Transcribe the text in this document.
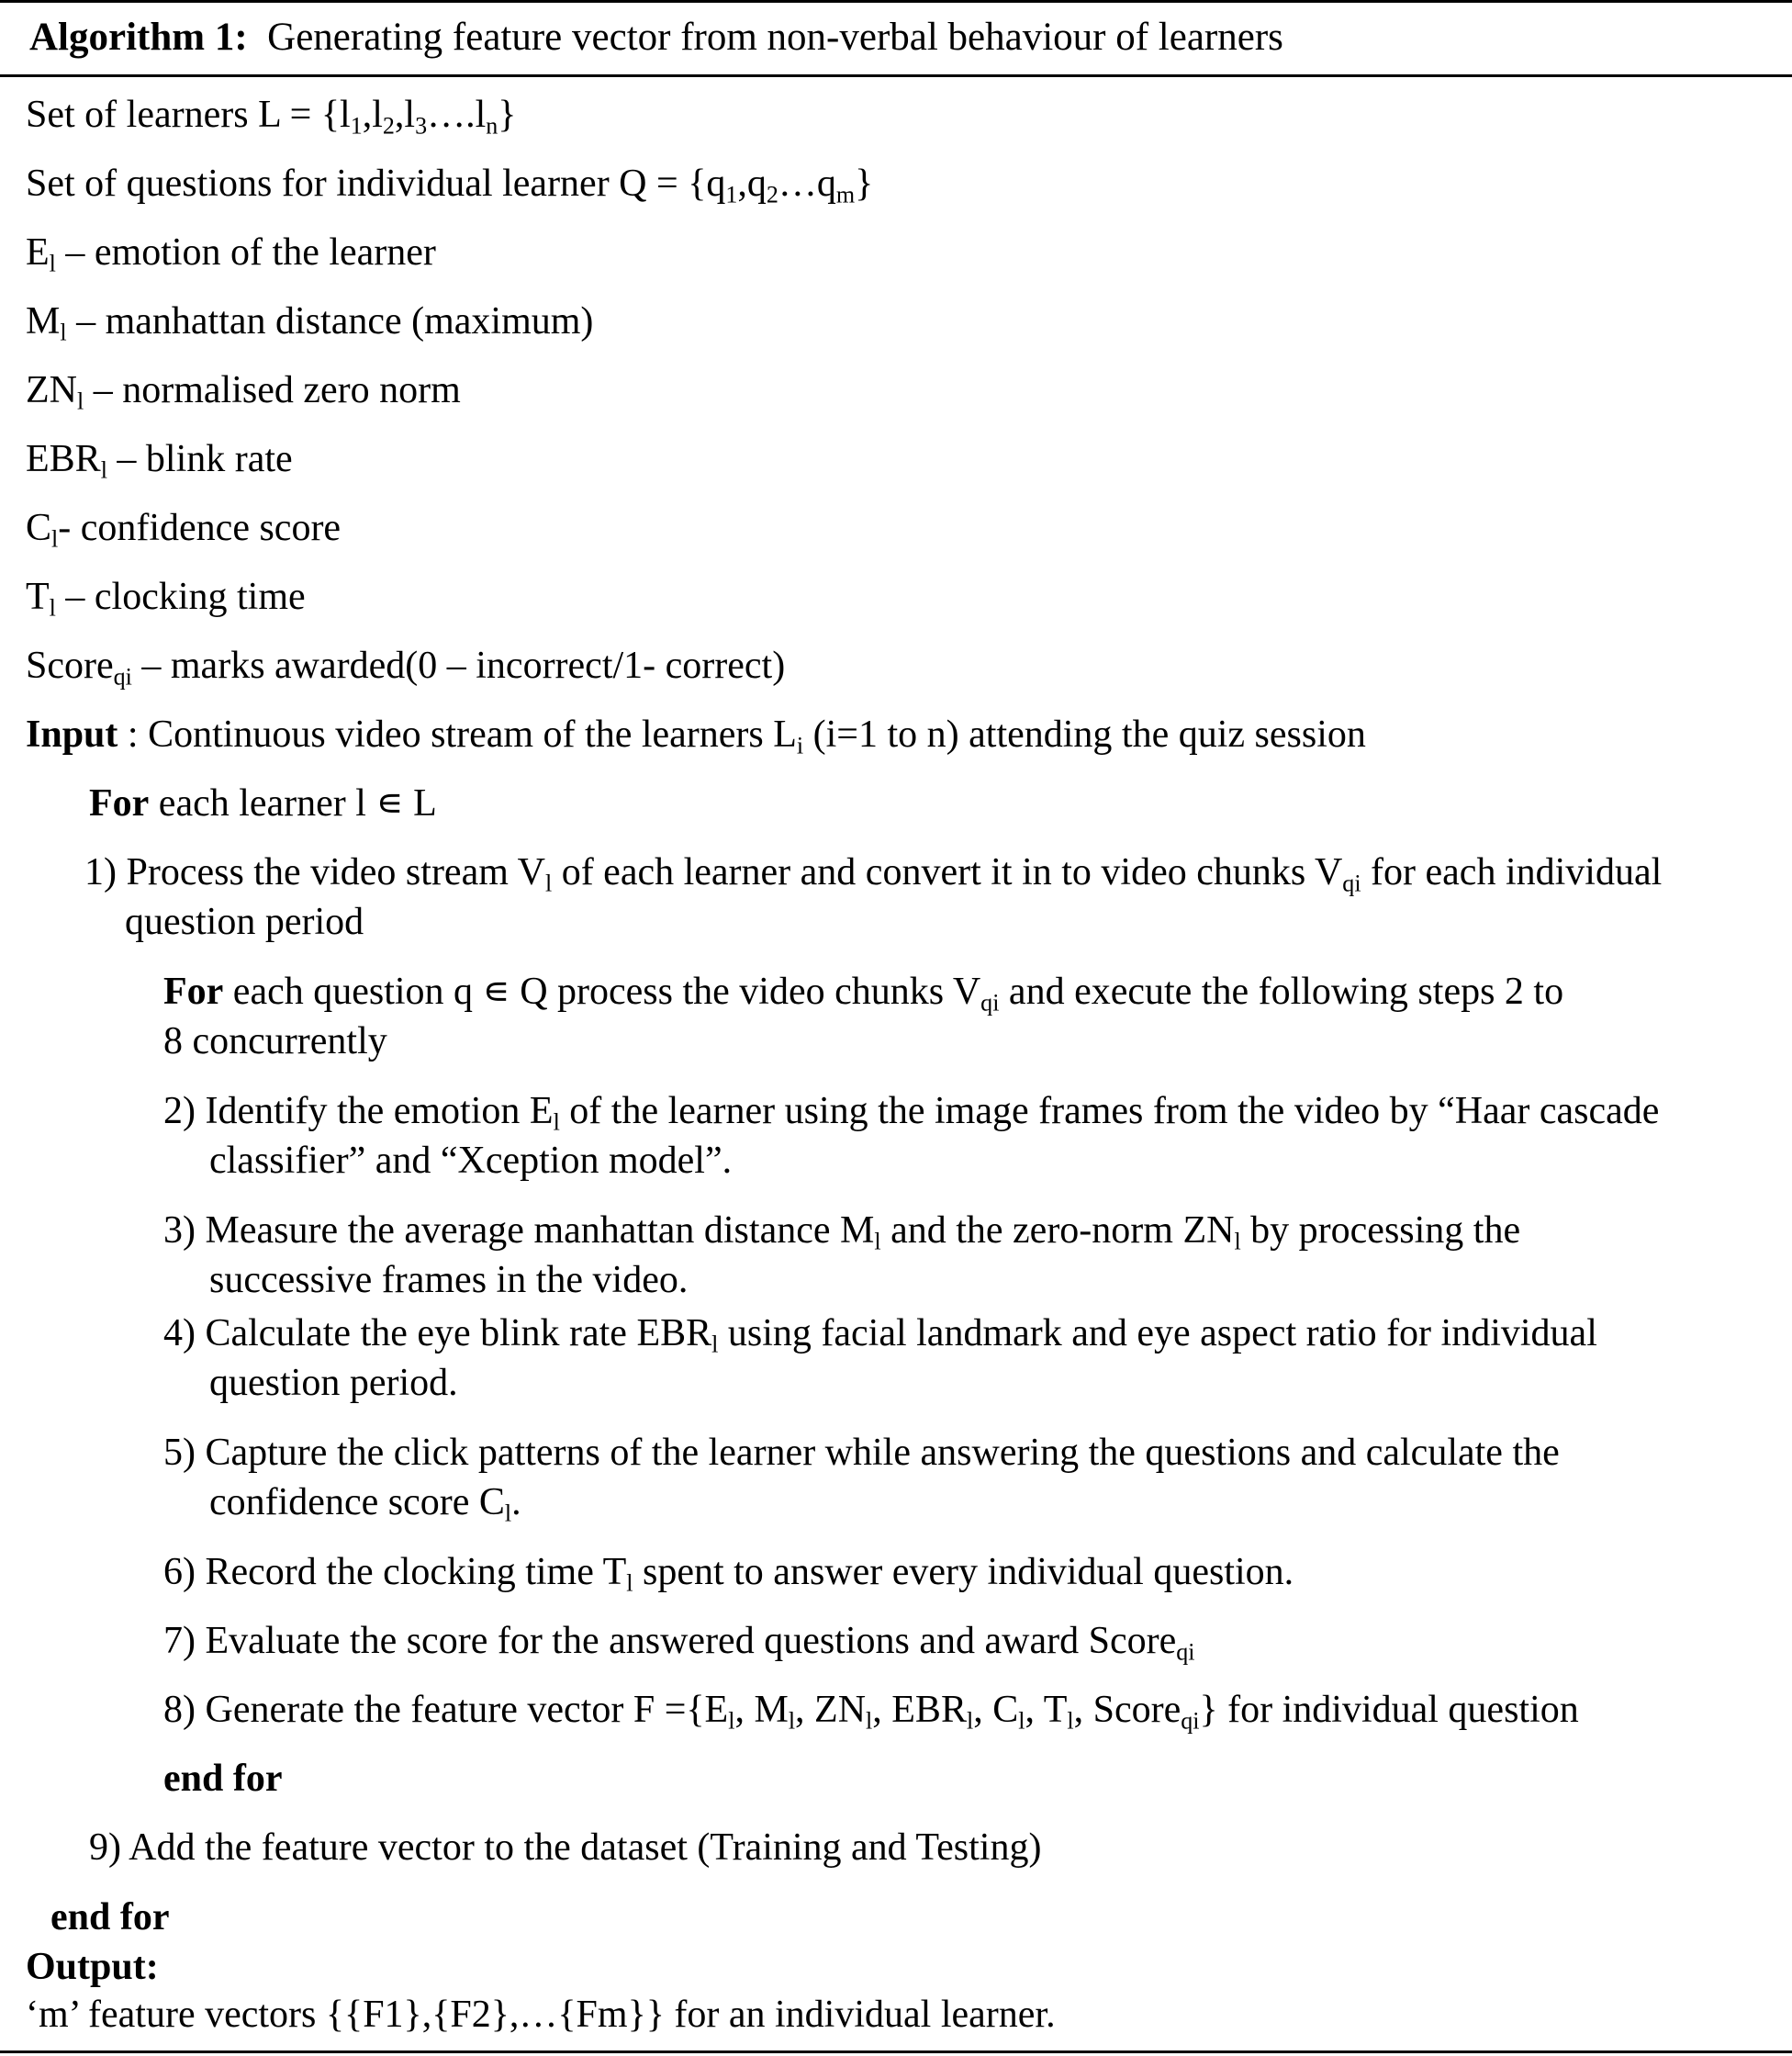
Algorithm 1: Generating feature vector from non-verbal behaviour of learners
Set of learners $L = \{l_1,l_2,l_3\dots.l_n\}$
Set of questions for individual learner $Q = \{q_1,q_2\dots q_m\}$
$E_l$ – emotion of the learner
$M_l$ – manhattan distance (maximum)
$ZN_l$ – normalised zero norm
$EBR_l$ – blink rate
$C_l-$ confidence score
$T_l$ – clocking time
Score$_{qi}$ – marks awarded(0 – incorrect/1- correct)
Input : Continuous video stream of the learners $L_i$ (i=1 to n) attending the quiz session
For each learner l ∊ L
1) Process the video stream $V_l$ of each learner and convert it in to video chunks $V_{qi}$ for each individual
question period
For each question q ∊ Q process the video chunks $V_{qi}$ and execute the following steps 2 to
8 concurrently
2) Identify the emotion $E_l$ of the learner using the image frames from the video by “Haar cascade
classifier” and “Xception model”.
3) Measure the average manhattan distance $M_l$ and the zero-norm $ZN_l$ by processing the
successive frames in the video.
4) Calculate the eye blink rate $EBR_l$ using facial landmark and eye aspect ratio for individual
question period.
5) Capture the click patterns of the learner while answering the questions and calculate the
confidence score $C_l$.
6) Record the clocking time $T_l$ spent to answer every individual question.
7) Evaluate the score for the answered questions and award Score$_{qi}$
8) Generate the feature vector $F =\{E_l$, $M_l$, $ZN_l$, $EBR_l$, $C_l$, $T_l$, Score$_{qi}$} for individual question
end for
9) Add the feature vector to the dataset (Training and Testing)
end for
Output:
‘m’ feature vectors {{F1},{F2},…{Fm}} for an individual learner.
